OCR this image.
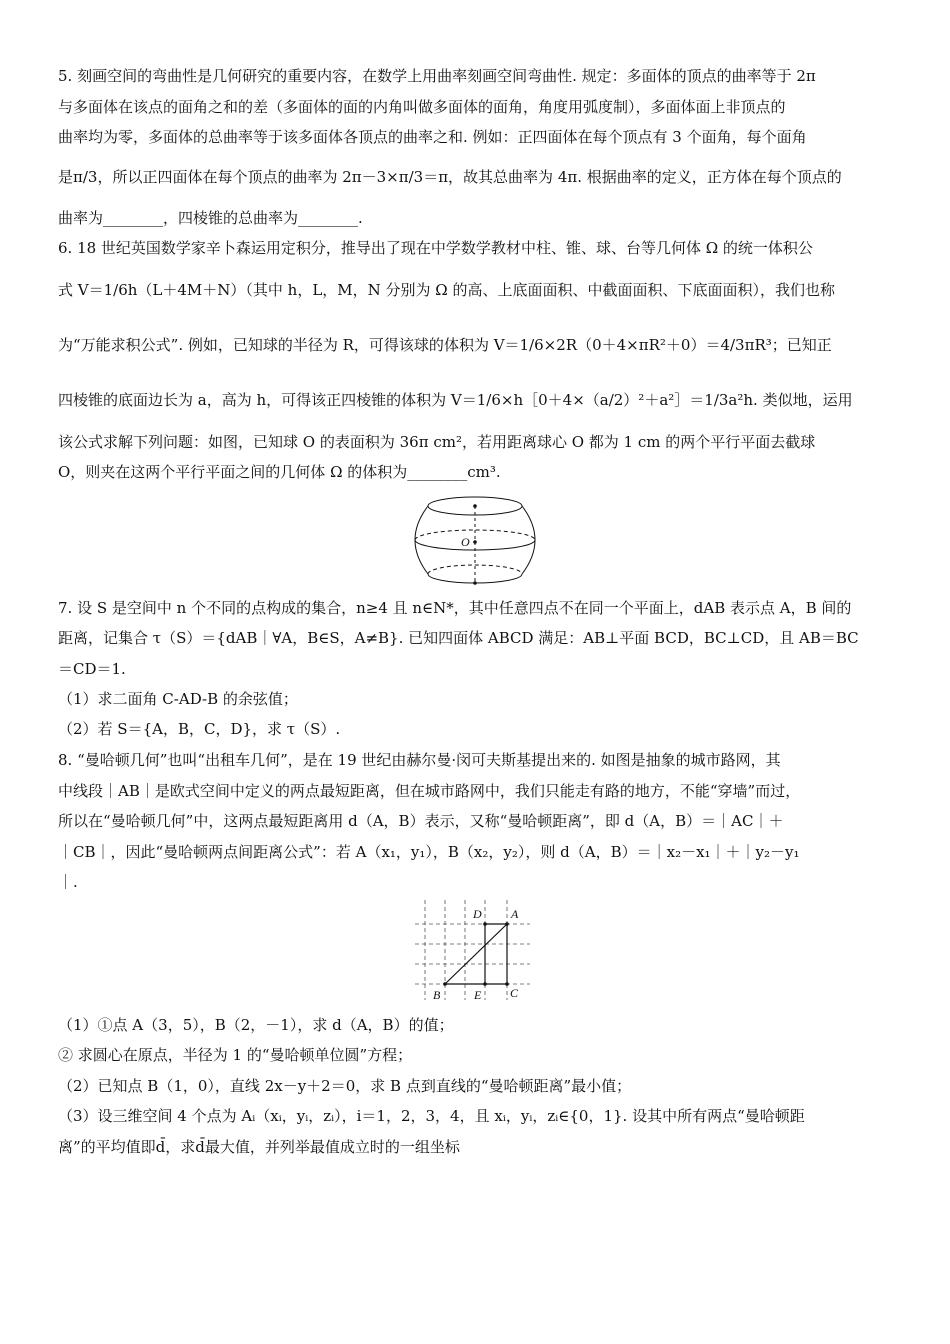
5. 刻画空间的弯曲性是几何研究的重要内容，在数学上用曲率刻画空间弯曲性. 规定：多面体的顶点的曲率等于 2π
与多面体在该点的面角之和的差（多面体的面的内角叫做多面体的面角，角度用弧度制），多面体面上非顶点的
曲率均为零，多面体的总曲率等于该多面体各顶点的曲率之和. 例如：正四面体在每个顶点有 3 个面角，每个面角
是π/3，所以正四面体在每个顶点的曲率为 2π－3×π/3＝π，故其总曲率为 4π. 根据曲率的定义，正方体在每个顶点的
曲率为________，四棱锥的总曲率为________.
6. 18 世纪英国数学家辛卜森运用定积分，推导出了现在中学数学教材中柱、锥、球、台等几何体 Ω 的统一体积公
式 V＝1/6h（L＋4M＋N）（其中 h，L，M，N 分别为 Ω 的高、上底面面积、中截面面积、下底面面积），我们也称
为“万能求积公式”. 例如，已知球的半径为 R，可得该球的体积为 V＝1/6×2R（0＋4×πR²＋0）＝4/3πR³；已知正
四棱锥的底面边长为 a，高为 h，可得该正四棱锥的体积为 V＝1/6×h［0＋4×（a/2）²＋a²］＝1/3a²h. 类似地，运用
该公式求解下列问题：如图，已知球 O 的表面积为 36π cm²，若用距离球心 O 都为 1 cm 的两个平行平面去截球
O，则夹在这两个平行平面之间的几何体 Ω 的体积为________cm³.
O
7. 设 S 是空间中 n 个不同的点构成的集合，n≥4 且 n∈N*，其中任意四点不在同一个平面上，dAB 表示点 A，B 间的
距离，记集合 τ（S）＝{dAB｜∀A，B∈S，A≠B}. 已知四面体 ABCD 满足：AB⊥平面 BCD，BC⊥CD，且 AB＝BC
＝CD＝1.
（1）求二面角 C-AD-B 的余弦值；
（2）若 S＝{A，B，C，D}，求 τ（S）.
8. “曼哈顿几何”也叫“出租车几何”，是在 19 世纪由赫尔曼·闵可夫斯基提出来的. 如图是抽象的城市路网，其
中线段｜AB｜是欧式空间中定义的两点最短距离，但在城市路网中，我们只能走有路的地方，不能“穿墙”而过，
所以在“曼哈顿几何”中，这两点最短距离用 d（A，B）表示，又称“曼哈顿距离”，即 d（A，B）＝｜AC｜＋
｜CB｜，因此“曼哈顿两点间距离公式”：若 A（x₁，y₁），B（x₂，y₂），则 d（A，B）＝｜x₂－x₁｜＋｜y₂－y₁
｜.
D A
B	E C
（1）①点 A（3，5），B（2，－1），求 d（A，B）的值；
② 求圆心在原点，半径为 1 的“曼哈顿单位圆”方程；
（2）已知点 B（1，0），直线 2x－y＋2＝0，求 B 点到直线的“曼哈顿距离”最小值；
（3）设三维空间 4 个点为 Aᵢ（xᵢ，yᵢ，zᵢ），i＝1，2，3，4，且 xᵢ，yᵢ，zᵢ∈{0，1}. 设其中所有两点“曼哈顿距
离”的平均值即d̄，求d̄最大值，并列举最值成立时的一组坐标
